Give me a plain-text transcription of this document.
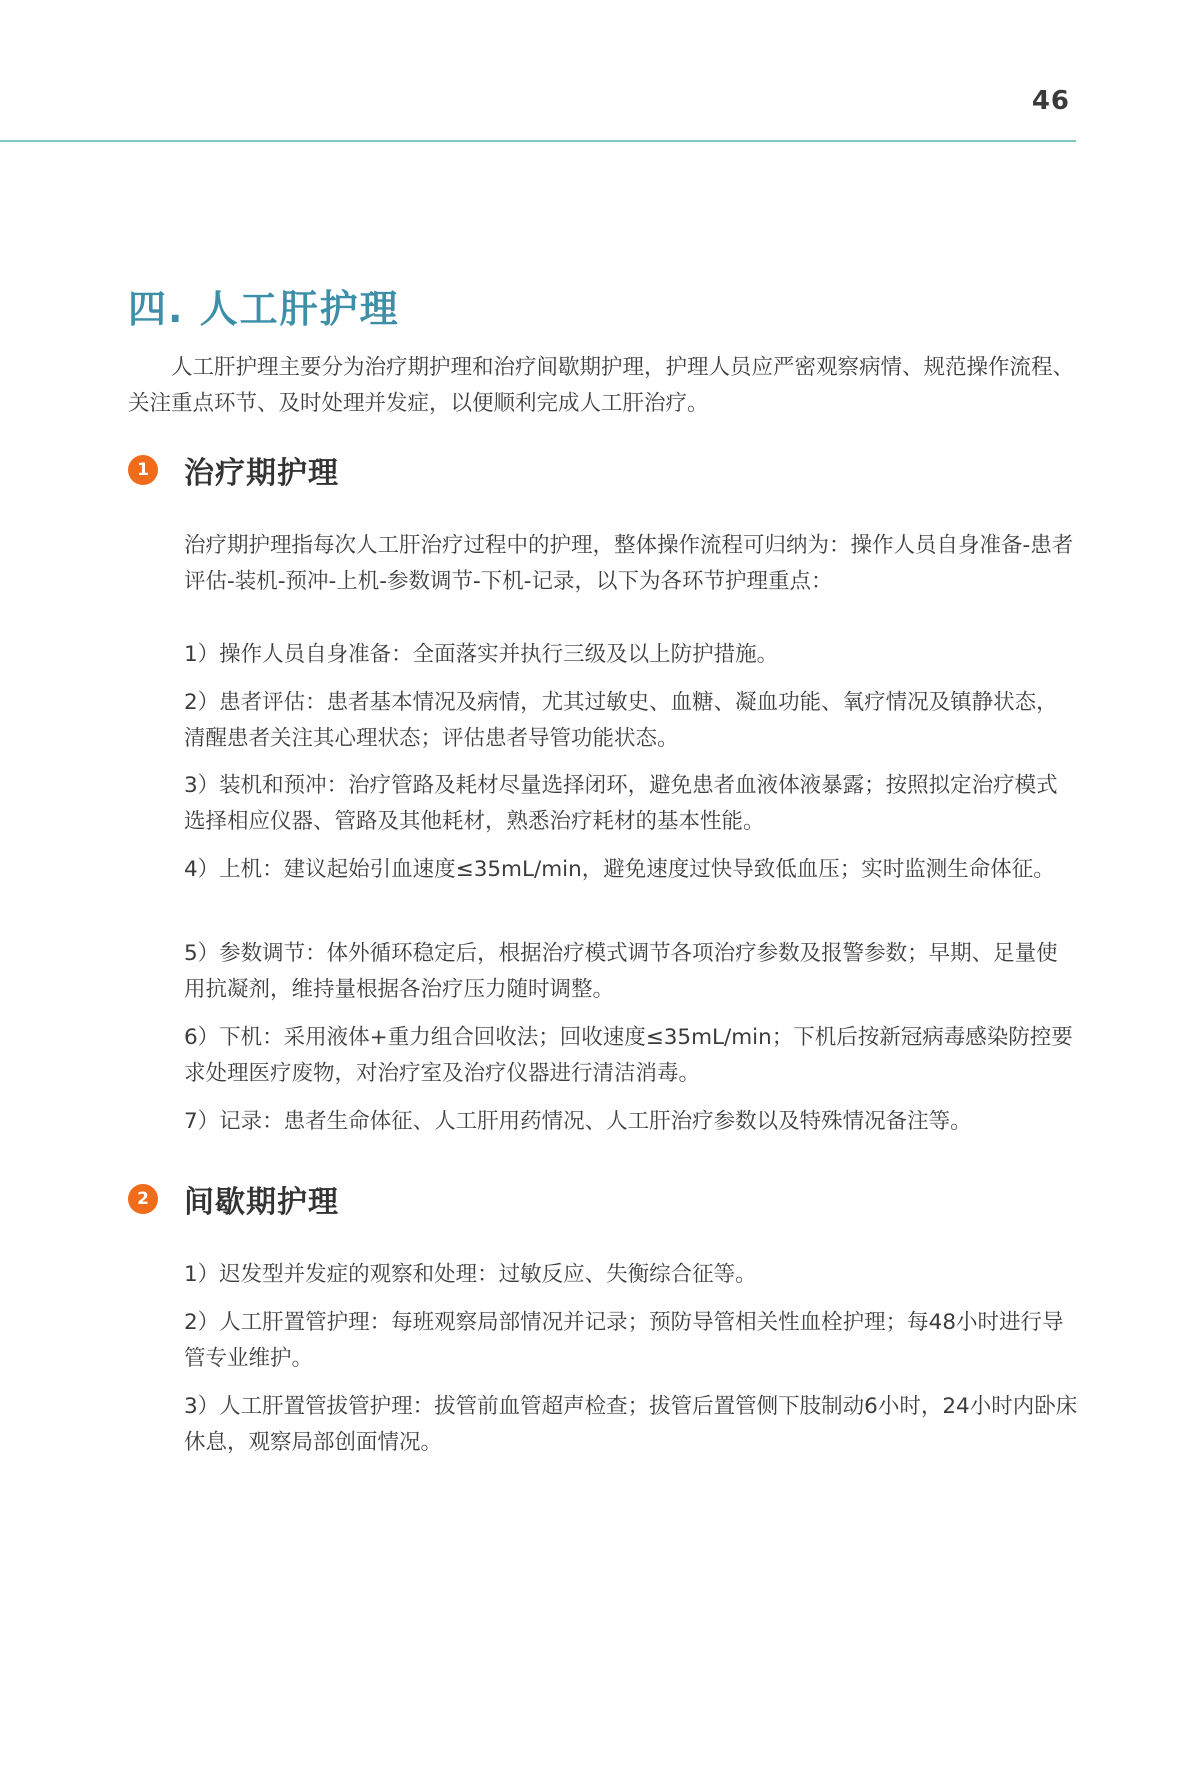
46
四. 人工肝护理

人工肝护理主要分为治疗期护理和治疗间歇期护理，护理人员应严密观察病情、规范操作流程、关注重点环节、及时处理并发症，以便顺利完成人工肝治疗。

1	治疗期护理

治疗期护理指每次人工肝治疗过程中的护理，整体操作流程可归纳为：操作人员自身准备-患者评估-装机-预冲-上机-参数调节-下机-记录，以下为各环节护理重点：

1）操作人员自身准备：全面落实并执行三级及以上防护措施。

2）患者评估：患者基本情况及病情，尤其过敏史、血糖、凝血功能、氧疗情况及镇静状态，清醒患者关注其心理状态；评估患者导管功能状态。

3）装机和预冲：治疗管路及耗材尽量选择闭环，避免患者血液体液暴露；按照拟定治疗模式选择相应仪器、管路及其他耗材，熟悉治疗耗材的基本性能。

4）上机：建议起始引血速度≤35mL/min，避免速度过快导致低血压；实时监测生命体征。

5）参数调节：体外循环稳定后，根据治疗模式调节各项治疗参数及报警参数；早期、足量使用抗凝剂，维持量根据各治疗压力随时调整。

6）下机：采用液体+重力组合回收法；回收速度≤35mL/min；下机后按新冠病毒感染防控要求处理医疗废物，对治疗室及治疗仪器进行清洁消毒。

7）记录：患者生命体征、人工肝用药情况、人工肝治疗参数以及特殊情况备注等。

2	间歇期护理

1）迟发型并发症的观察和处理：过敏反应、失衡综合征等。

2）人工肝置管护理：每班观察局部情况并记录；预防导管相关性血栓护理；每48小时进行导管专业维护。

3）人工肝置管拔管护理：拔管前血管超声检查；拔管后置管侧下肢制动6小时，24小时内卧床休息，观察局部创面情况。
